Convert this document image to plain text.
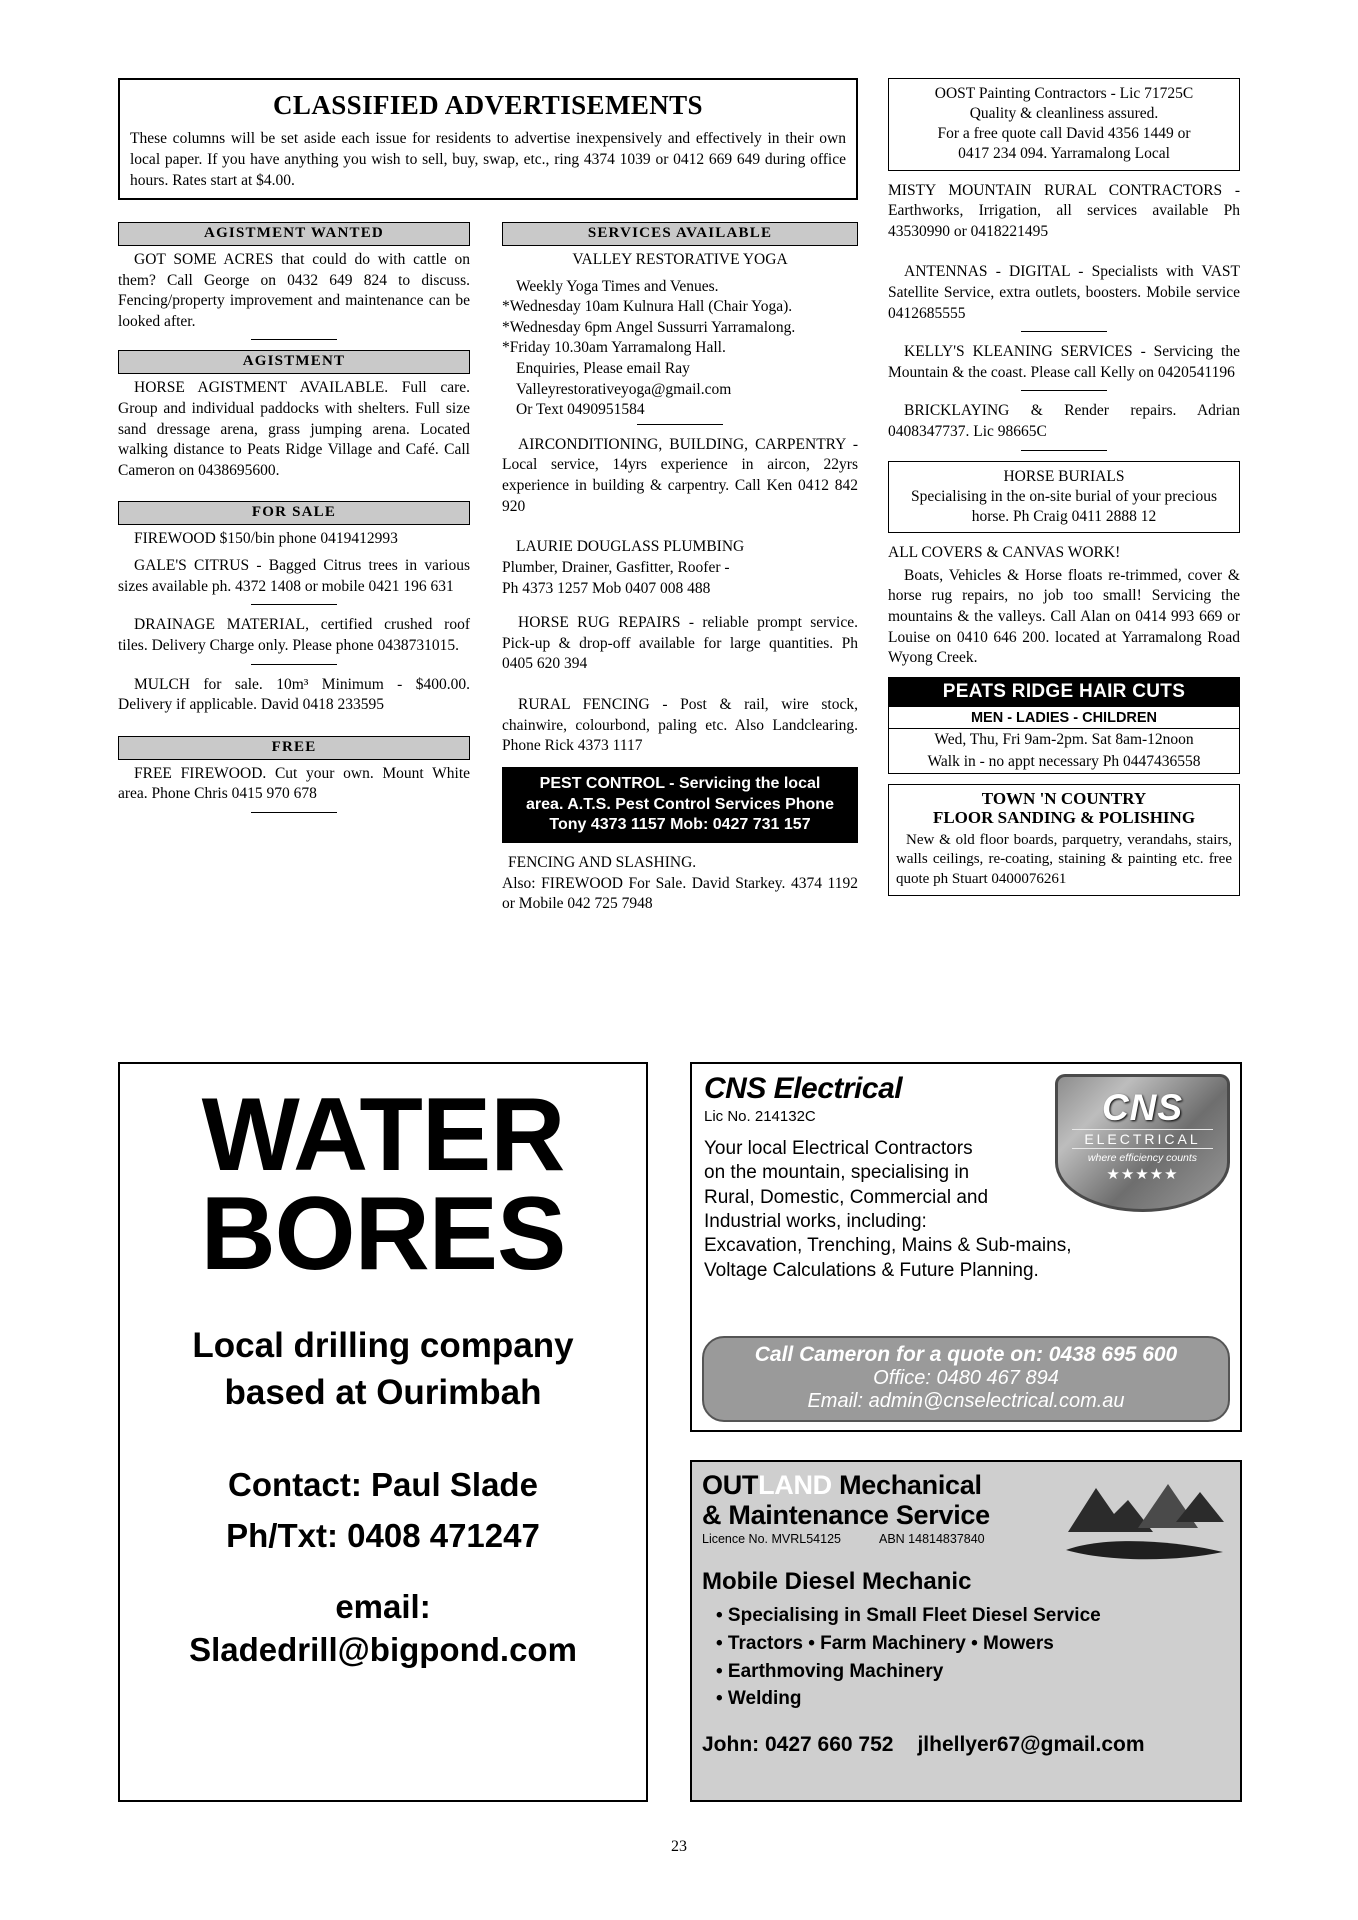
CLASSIFIED ADVERTISEMENTS
These columns will be set aside each issue for residents to advertise inexpensively and effectively in their own local paper. If you have anything you wish to sell, buy, swap, etc., ring 4374 1039 or 0412 669 649 during office hours. Rates start at $4.00.
AGISTMENT WANTED
GOT SOME ACRES that could do with cattle on them? Call George on 0432 649 824 to discuss. Fencing/property improvement and maintenance can be looked after.
AGISTMENT
HORSE AGISTMENT AVAILABLE. Full care. Group and individual paddocks with shelters. Full size sand dressage arena, grass jumping arena. Located walking distance to Peats Ridge Village and Café. Call Cameron on 0438695600.
FOR SALE
FIREWOOD $150/bin phone 0419412993
GALE'S CITRUS - Bagged Citrus trees in various sizes available ph. 4372 1408 or mobile 0421 196 631
DRAINAGE MATERIAL, certified crushed roof tiles. Delivery Charge only. Please phone 0438731015.
MULCH for sale. 10m³ Minimum - $400.00. Delivery if applicable. David 0418 233595
FREE
FREE FIREWOOD. Cut your own. Mount White area. Phone Chris 0415 970 678
SERVICES AVAILABLE
VALLEY RESTORATIVE YOGA
Weekly Yoga Times and Venues.
*Wednesday 10am Kulnura Hall (Chair Yoga).
*Wednesday 6pm Angel Sussurri Yarramalong.
*Friday 10.30am Yarramalong Hall.
Enquiries, Please email Ray
Valleyrestorativeyoga@gmail.com
Or Text 0490951584
AIRCONDITIONING, BUILDING, CARPENTRY - Local service, 14yrs experience in aircon, 22yrs experience in building & carpentry. Call Ken 0412 842 920
LAURIE DOUGLASS PLUMBING
Plumber, Drainer, Gasfitter, Roofer -
Ph 4373 1257 Mob 0407 008 488
HORSE RUG REPAIRS - reliable prompt service. Pick-up & drop-off available for large quantities. Ph 0405 620 394
RURAL FENCING - Post & rail, wire stock, chainwire, colourbond, paling etc. Also Landclearing. Phone Rick 4373 1117
PEST CONTROL - Servicing the local
area. A.T.S. Pest Control Services Phone
Tony 4373 1157 Mob: 0427 731 157
FENCING AND SLASHING.
Also: FIREWOOD For Sale. David Starkey. 4374 1192 or Mobile 042 725 7948
OOST Painting Contractors - Lic 71725C
Quality & cleanliness assured.
For a free quote call David 4356 1449 or
0417 234 094. Yarramalong Local
MISTY MOUNTAIN RURAL CONTRACTORS - Earthworks, Irrigation, all services available Ph 43530990 or 0418221495
ANTENNAS - DIGITAL - Specialists with VAST Satellite Service, extra outlets, boosters. Mobile service 0412685555
KELLY'S KLEANING SERVICES - Servicing the Mountain & the coast. Please call Kelly on 0420541196
BRICKLAYING & Render repairs. Adrian 0408347737. Lic 98665C
HORSE BURIALS
Specialising in the on-site burial of your precious horse. Ph Craig 0411 2888 12
ALL COVERS & CANVAS WORK!
Boats, Vehicles & Horse floats re-trimmed, cover & horse rug repairs, no job too small! Servicing the mountains & the valleys. Call Alan on 0414 993 669 or Louise on 0410 646 200. located at Yarramalong Road Wyong Creek.
PEATS RIDGE HAIR CUTS
MEN - LADIES - CHILDREN
Wed, Thu, Fri 9am-2pm. Sat 8am-12noon
Walk in - no appt necessary Ph 0447436558
TOWN 'N COUNTRY
FLOOR SANDING & POLISHING
New & old floor boards, parquetry, verandahs, stairs, walls ceilings, re-coating, staining & painting etc. free quote ph Stuart 0400076261
WATER
BORES
Local drilling company
based at Ourimbah
Contact: Paul Slade
Ph/Txt: 0408 471247
email:
Sladedrill@bigpond.com
CNS Electrical
Lic No. 214132C
Your local Electrical Contractors
on the mountain, specialising in
Rural, Domestic, Commercial and
Industrial works, including:
Excavation, Trenching, Mains & Sub-mains,
Voltage Calculations & Future Planning.
CNS
ELECTRICAL
where efficiency counts
★★★★★
Call Cameron for a quote on: 0438 695 600
Office: 0480 467 894
Email: admin@cnselectrical.com.au
OUTLAND Mechanical
& Maintenance Service
Licence No. MVRL54125	ABN 14814837840
Mobile Diesel Mechanic
• Specialising in Small Fleet Diesel Service
• Tractors • Farm Machinery • Mowers
• Earthmoving Machinery
• Welding
John: 0427 660 752 jlhellyer67@gmail.com
23
